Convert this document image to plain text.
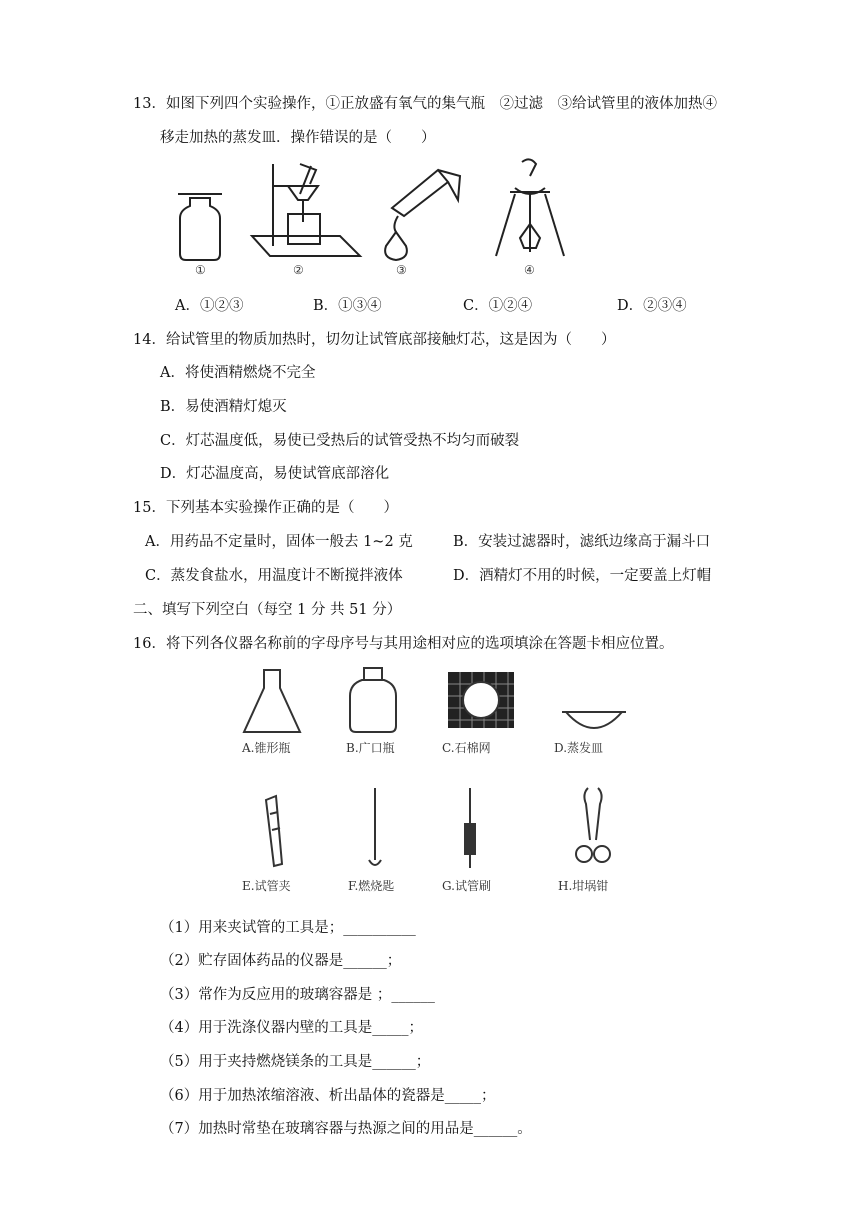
13．如图下列四个实验操作，①正放盛有氧气的集气瓶　②过滤　③给试管里的液体加热④
移走加热的蒸发皿．操作错误的是（　　）
①	②	③	④
A．①②③	B．①③④	C．①②④	D．②③④
14．给试管里的物质加热时，切勿让试管底部接触灯芯，这是因为（　　）
A．将使酒精燃烧不完全
B．易使酒精灯熄灭
C．灯芯温度低，易使已受热后的试管受热不均匀而破裂
D．灯芯温度高，易使试管底部溶化
15．下列基本实验操作正确的是（　　）
A．用药品不定量时，固体一般去 1~2 克	B．安装过滤器时，滤纸边缘高于漏斗口
C．蒸发食盐水，用温度计不断搅拌液体	D．酒精灯不用的时候，一定要盖上灯帽
二、填写下列空白（每空 1 分 共 51 分）
16．将下列各仪器名称前的字母序号与其用途相对应的选项填涂在答题卡相应位置。
A.锥形瓶	B.广口瓶	C.石棉网	D.蒸发皿
E.试管夹	F.燃烧匙	G.试管刷	H.坩埚钳
（1）用来夹试管的工具是；__________
（2）贮存固体药品的仪器是______；
（3）常作为反应用的玻璃容器是 ；______
（4）用于洗涤仪器内壁的工具是_____；
（5）用于夹持燃烧镁条的工具是______；
（6）用于加热浓缩溶液、析出晶体的瓷器是_____；
（7）加热时常垫在玻璃容器与热源之间的用品是______。
